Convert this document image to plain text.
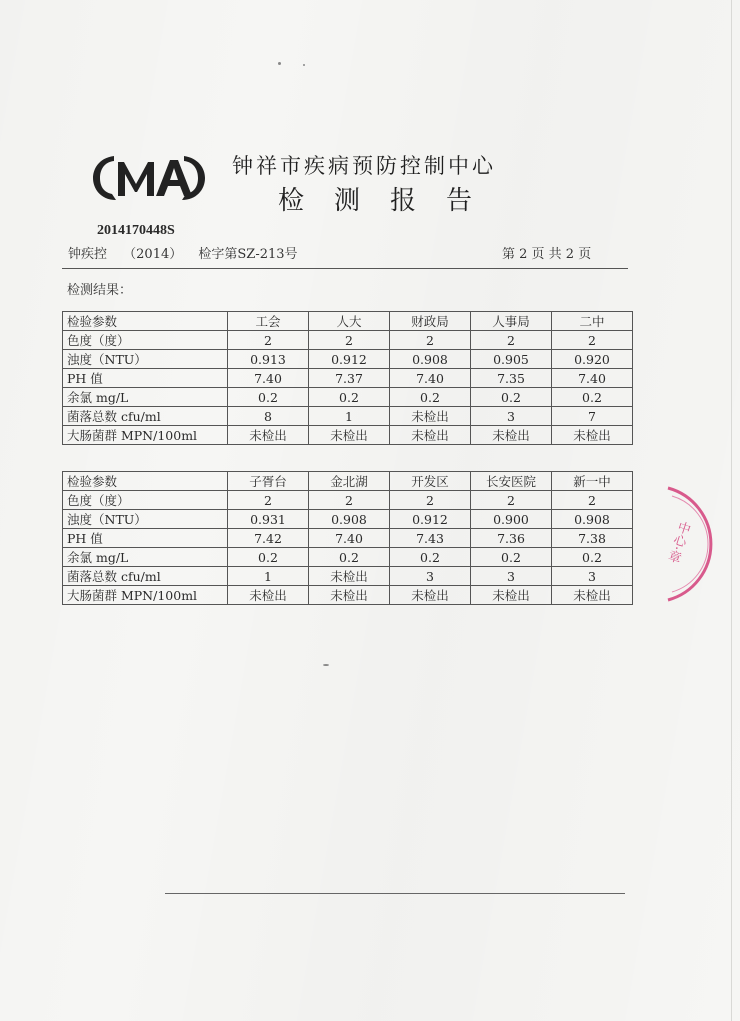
CMA
钟祥市疾病预防控制中心
检测报告
2014170448S
钟疾控 （2014） 检字第SZ-213号	第 2 页 共 2 页
检测结果：
检验参数	工会	人大	财政局	人事局	二中
色度（度）	2	2	2	2	2
浊度（NTU）	0.913	0.912	0.908	0.905	0.920
PH 值	7.40	7.37	7.40	7.35	7.40
余氯 mg/L	0.2	0.2	0.2	0.2	0.2
菌落总数 cfu/ml	8	1	未检出	3	7
大肠菌群 MPN/100ml	未检出	未检出	未检出	未检出	未检出
检验参数	子胥台	金北湖	开发区	长安医院	新一中
色度（度）	2	2	2	2	2
浊度（NTU）	0.931	0.908	0.912	0.900	0.908
PH 值	7.42	7.40	7.43	7.36	7.38
余氯 mg/L	0.2	0.2	0.2	0.2	0.2
菌落总数 cfu/ml	1	未检出	3	3	3
大肠菌群 MPN/100ml	未检出	未检出	未检出	未检出	未检出
中心·章
